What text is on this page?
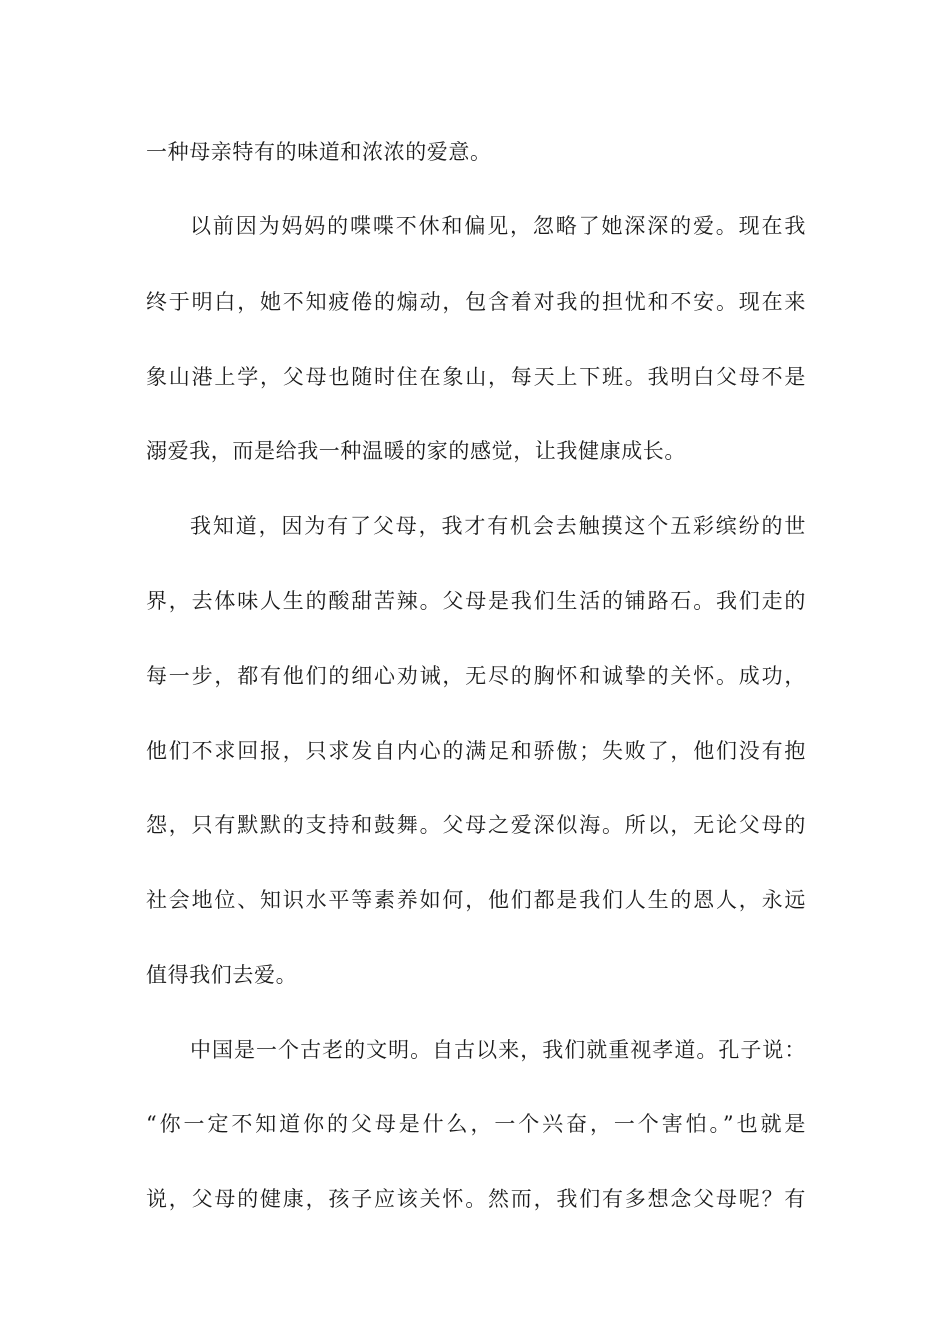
一种母亲特有的味道和浓浓的爱意。
以前因为妈妈的喋喋不休和偏见，忽略了她深深的爱。现在我
终于明白，她不知疲倦的煽动，包含着对我的担忧和不安。现在来
象山港上学，父母也随时住在象山，每天上下班。我明白父母不是
溺爱我，而是给我一种温暖的家的感觉，让我健康成长。
我知道，因为有了父母，我才有机会去触摸这个五彩缤纷的世
界，去体味人生的酸甜苦辣。父母是我们生活的铺路石。我们走的
每一步，都有他们的细心劝诫，无尽的胸怀和诚挚的关怀。成功，
他们不求回报，只求发自内心的满足和骄傲；失败了，他们没有抱
怨，只有默默的支持和鼓舞。父母之爱深似海。所以，无论父母的
社会地位、知识水平等素养如何，他们都是我们人生的恩人，永远
值得我们去爱。
中国是一个古老的文明。自古以来，我们就重视孝道。孔子说：
“你一定不知道你的父母是什么，一个兴奋，一个害怕。”也就是
说，父母的健康，孩子应该关怀。然而，我们有多想念父母呢？有
